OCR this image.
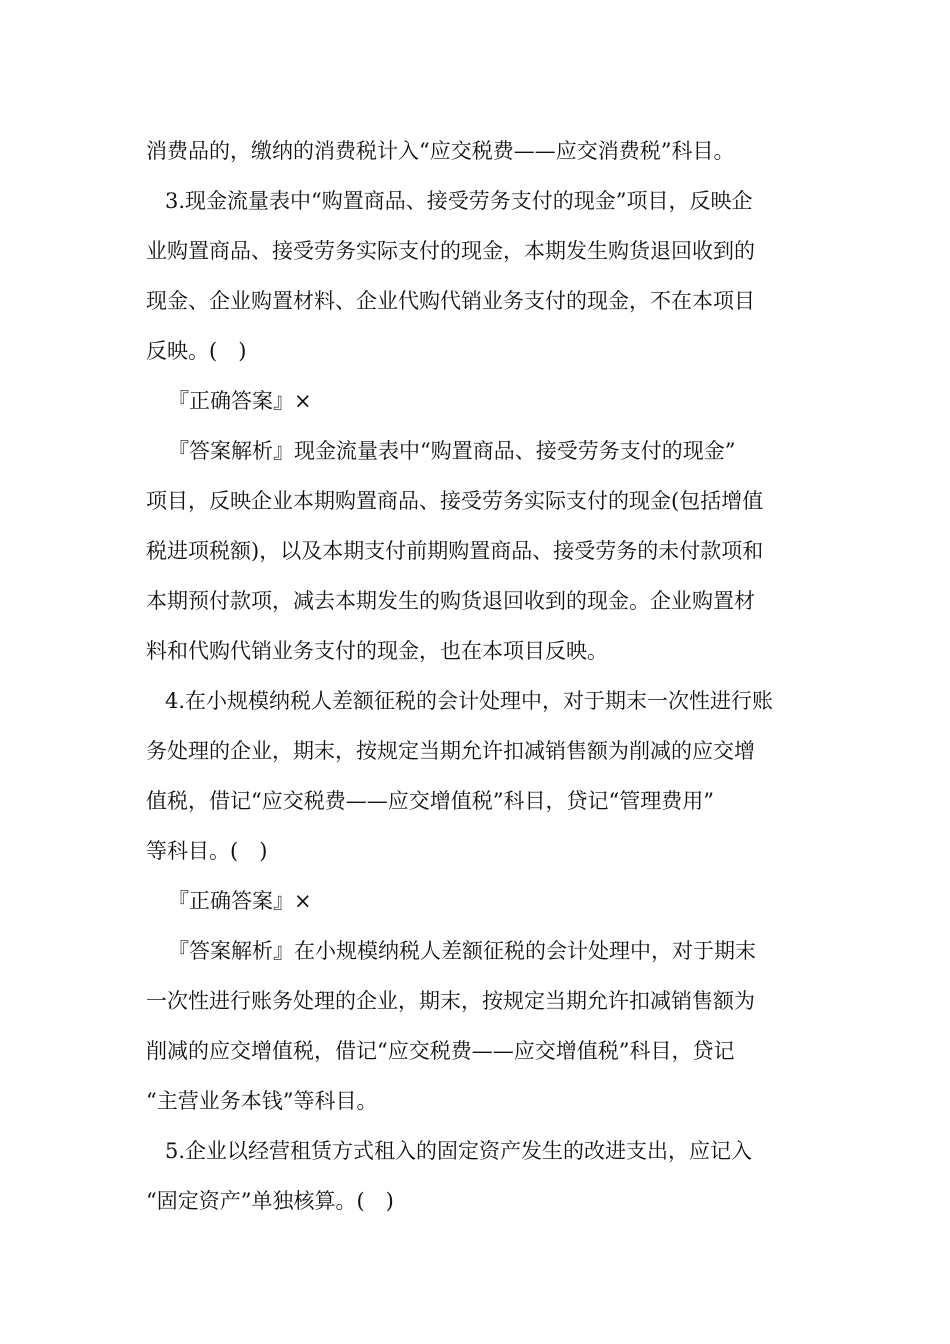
消费品的，缴纳的消费税计入“应交税费——应交消费税”科目。
3.现金流量表中“购置商品、接受劳务支付的现金”项目，反映企
业购置商品、接受劳务实际支付的现金，本期发生购货退回收到的
现金、企业购置材料、企业代购代销业务支付的现金，不在本项目
反映。(　)
『正确答案』×
『答案解析』现金流量表中“购置商品、接受劳务支付的现金”
项目，反映企业本期购置商品、接受劳务实际支付的现金(包括增值
税进项税额)，以及本期支付前期购置商品、接受劳务的未付款项和
本期预付款项，减去本期发生的购货退回收到的现金。企业购置材
料和代购代销业务支付的现金，也在本项目反映。
4.在小规模纳税人差额征税的会计处理中，对于期末一次性进行账
务处理的企业，期末，按规定当期允许扣减销售额为削减的应交增
值税，借记“应交税费——应交增值税”科目，贷记“管理费用”
等科目。(　)
『正确答案』×
『答案解析』在小规模纳税人差额征税的会计处理中，对于期末
一次性进行账务处理的企业，期末，按规定当期允许扣减销售额为
削减的应交增值税，借记“应交税费——应交增值税”科目，贷记
“主营业务本钱”等科目。
5.企业以经营租赁方式租入的固定资产发生的改进支出，应记入
“固定资产”单独核算。(　)
